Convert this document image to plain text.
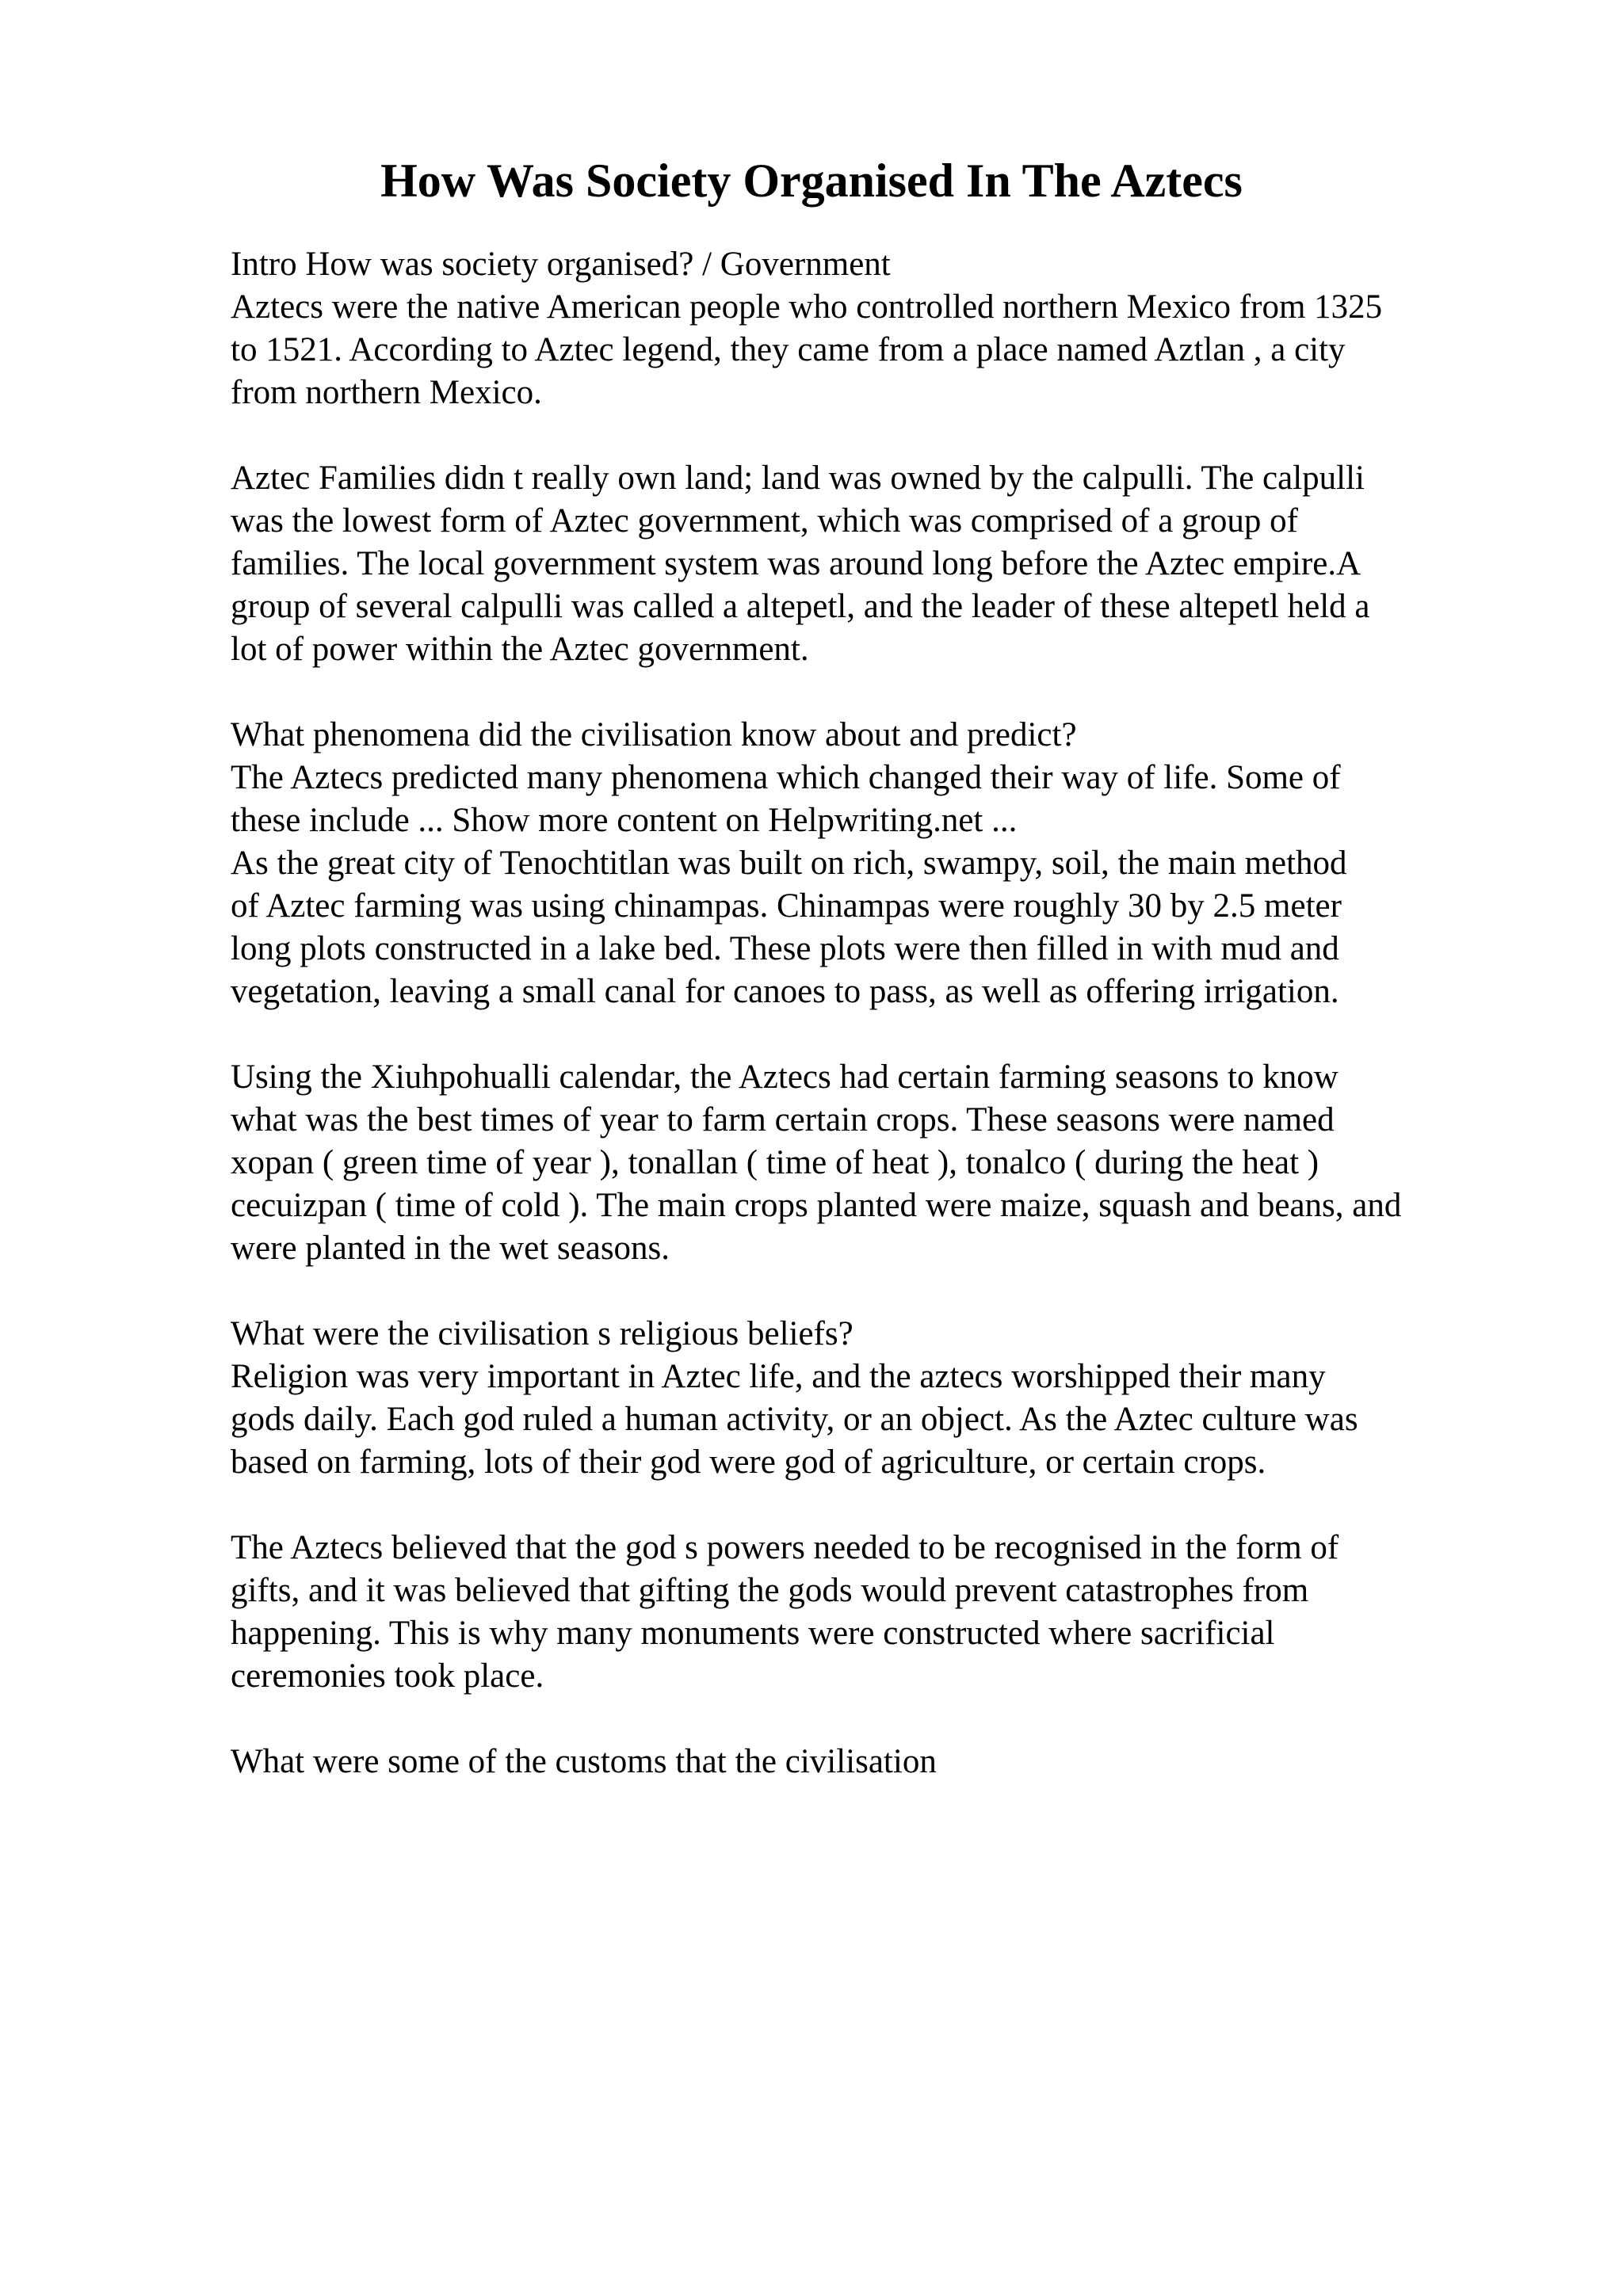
How Was Society Organised In The Aztecs

Intro How was society organised? / Government
Aztecs were the native American people who controlled northern Mexico from 1325
to 1521. According to Aztec legend, they came from a place named Aztlan , a city
from northern Mexico.

Aztec Families didn t really own land; land was owned by the calpulli. The calpulli
was the lowest form of Aztec government, which was comprised of a group of
families. The local government system was around long before the Aztec empire.A
group of several calpulli was called a altepetl, and the leader of these altepetl held a
lot of power within the Aztec government.

What phenomena did the civilisation know about and predict?
The Aztecs predicted many phenomena which changed their way of life. Some of
these include ... Show more content on Helpwriting.net ...
As the great city of Tenochtitlan was built on rich, swampy, soil, the main method
of Aztec farming was using chinampas. Chinampas were roughly 30 by 2.5 meter
long plots constructed in a lake bed. These plots were then filled in with mud and
vegetation, leaving a small canal for canoes to pass, as well as offering irrigation.

Using the Xiuhpohualli calendar, the Aztecs had certain farming seasons to know
what was the best times of year to farm certain crops. These seasons were named
xopan ( green time of year ), tonallan ( time of heat ), tonalco ( during the heat )
cecuizpan ( time of cold ). The main crops planted were maize, squash and beans, and
were planted in the wet seasons.

What were the civilisation s religious beliefs?
Religion was very important in Aztec life, and the aztecs worshipped their many
gods daily. Each god ruled a human activity, or an object. As the Aztec culture was
based on farming, lots of their god were god of agriculture, or certain crops.

The Aztecs believed that the god s powers needed to be recognised in the form of
gifts, and it was believed that gifting the gods would prevent catastrophes from
happening. This is why many monuments were constructed where sacrificial
ceremonies took place.

What were some of the customs that the civilisation
